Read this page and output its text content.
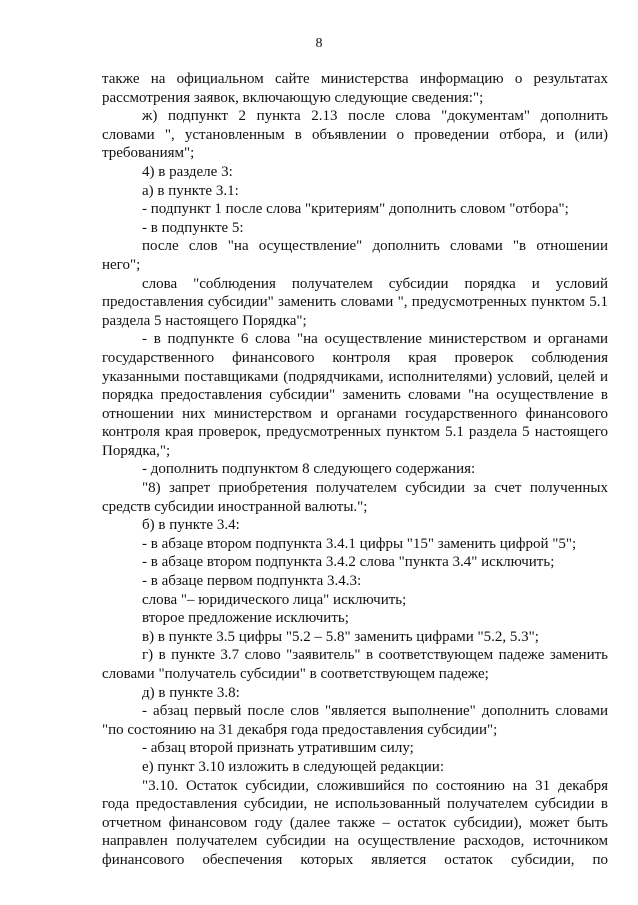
8
также на официальном сайте министерства информацию о результатах
рассмотрения заявок, включающую следующие сведения:";
ж) подпункт 2 пункта 2.13 после слова "документам" дополнить
словами ", установленным в объявлении о проведении отбора, и (или)
требованиям";
4) в разделе 3:
а) в пункте 3.1:
- подпункт 1 после слова "критериям" дополнить словом "отбора";
- в подпункте 5:
после слов "на осуществление" дополнить словами "в отношении
него";
слова "соблюдения получателем субсидии порядка и условий
предоставления субсидии" заменить словами ", предусмотренных пунктом 5.1
раздела 5 настоящего Порядка";
- в подпункте 6 слова "на осуществление министерством и органами
государственного финансового контроля края проверок соблюдения
указанными поставщиками (подрядчиками, исполнителями) условий, целей и
порядка предоставления субсидии" заменить словами "на осуществление в
отношении них министерством и органами государственного финансового
контроля края проверок, предусмотренных пунктом 5.1 раздела 5 настоящего
Порядка,";
- дополнить подпунктом 8 следующего содержания:
"8) запрет приобретения получателем субсидии за счет полученных
средств субсидии иностранной валюты.";
б) в пункте 3.4:
- в абзаце втором подпункта 3.4.1 цифры "15" заменить цифрой "5";
- в абзаце втором подпункта 3.4.2 слова "пункта 3.4" исключить;
- в абзаце первом подпункта 3.4.3:
слова "– юридического лица" исключить;
второе предложение исключить;
в) в пункте 3.5 цифры "5.2 – 5.8" заменить цифрами "5.2, 5.3";
г) в пункте 3.7 слово "заявитель" в соответствующем падеже заменить
словами "получатель субсидии" в соответствующем падеже;
д) в пункте 3.8:
- абзац первый после слов "является выполнение" дополнить словами
"по состоянию на 31 декабря года предоставления субсидии";
- абзац второй признать утратившим силу;
е) пункт 3.10 изложить в следующей редакции:
"3.10. Остаток субсидии, сложившийся по состоянию на 31 декабря
года предоставления субсидии, не использованный получателем субсидии в
отчетном финансовом году (далее также – остаток субсидии), может быть
направлен получателем субсидии на осуществление расходов, источником
финансового обеспечения которых является остаток субсидии, по
